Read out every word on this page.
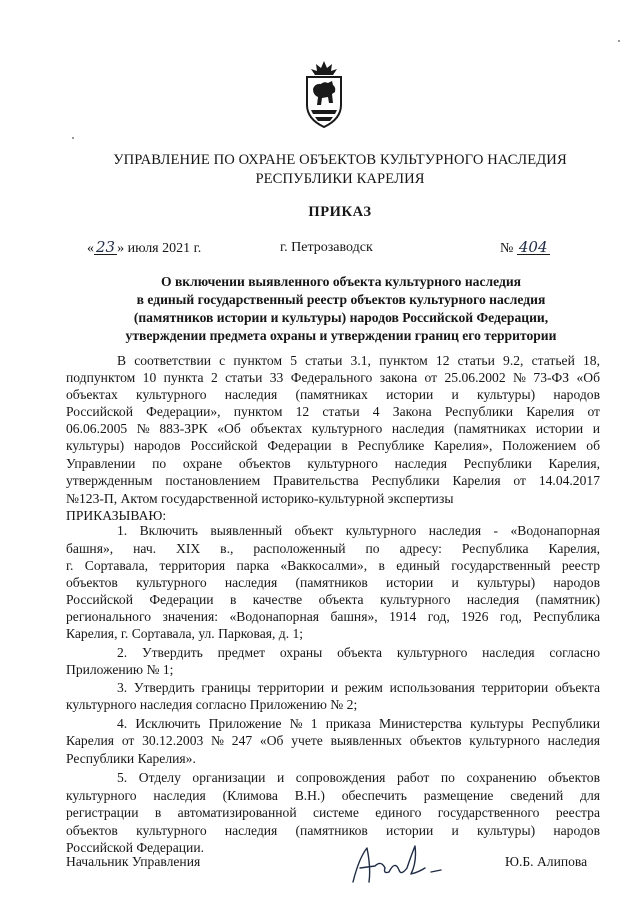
УПРАВЛЕНИЕ ПО ОХРАНЕ ОБЪЕКТОВ КУЛЬТУРНОГО НАСЛЕДИЯ
РЕСПУБЛИКИ КАРЕЛИЯ
ПРИКАЗ
« 23 » июля 2021 г.	г. Петрозаводск	№ 404
О включении выявленного объекта культурного наследия
в единый государственный реестр объектов культурного наследия
(памятников истории и культуры) народов Российской Федерации,
утверждении предмета охраны и утверждении границ его территории
В соответствии с пунктом 5 статьи 3.1, пунктом 12 статьи 9.2, статьей 18,
подпунктом 10 пункта 2 статьи 33 Федерального закона от 25.06.2002 № 73-ФЗ «Об
объектах культурного наследия (памятниках истории и культуры) народов
Российской Федерации», пунктом 12 статьи 4 Закона Республики Карелия от
06.06.2005 № 883-ЗРК «Об объектах культурного наследия (памятниках истории и
культуры) народов Российской Федерации в Республике Карелия», Положением об
Управлении по охране объектов культурного наследия Республики Карелия,
утвержденным постановлением Правительства Республики Карелия от 14.04.2017
№123-П, Актом государственной историко-культурной экспертизы
ПРИКАЗЫВАЮ:
1. Включить выявленный объект культурного наследия - «Водонапорная
башня», нач. XIX в., расположенный по адресу: Республика Карелия,
г. Сортавала, территория парка «Ваккосалми», в единый государственный реестр
объектов культурного наследия (памятников истории и культуры) народов
Российской Федерации в качестве объекта культурного наследия (памятник)
регионального значения: «Водонапорная башня», 1914 год, 1926 год, Республика
Карелия, г. Сортавала, ул. Парковая, д. 1;
2. Утвердить предмет охраны объекта культурного наследия согласно
Приложению № 1;
3. Утвердить границы территории и режим использования территории объекта
культурного наследия согласно Приложению № 2;
4. Исключить Приложение № 1 приказа Министерства культуры Республики
Карелия от 30.12.2003 № 247 «Об учете выявленных объектов культурного наследия
Республики Карелия».
5. Отделу организации и сопровождения работ по сохранению объектов
культурного наследия (Климова В.Н.) обеспечить размещение сведений для
регистрации в автоматизированной системе единого государственного реестра
объектов культурного наследия (памятников истории и культуры) народов
Российской Федерации.
Начальник Управления	Ю.Б. Алипова
